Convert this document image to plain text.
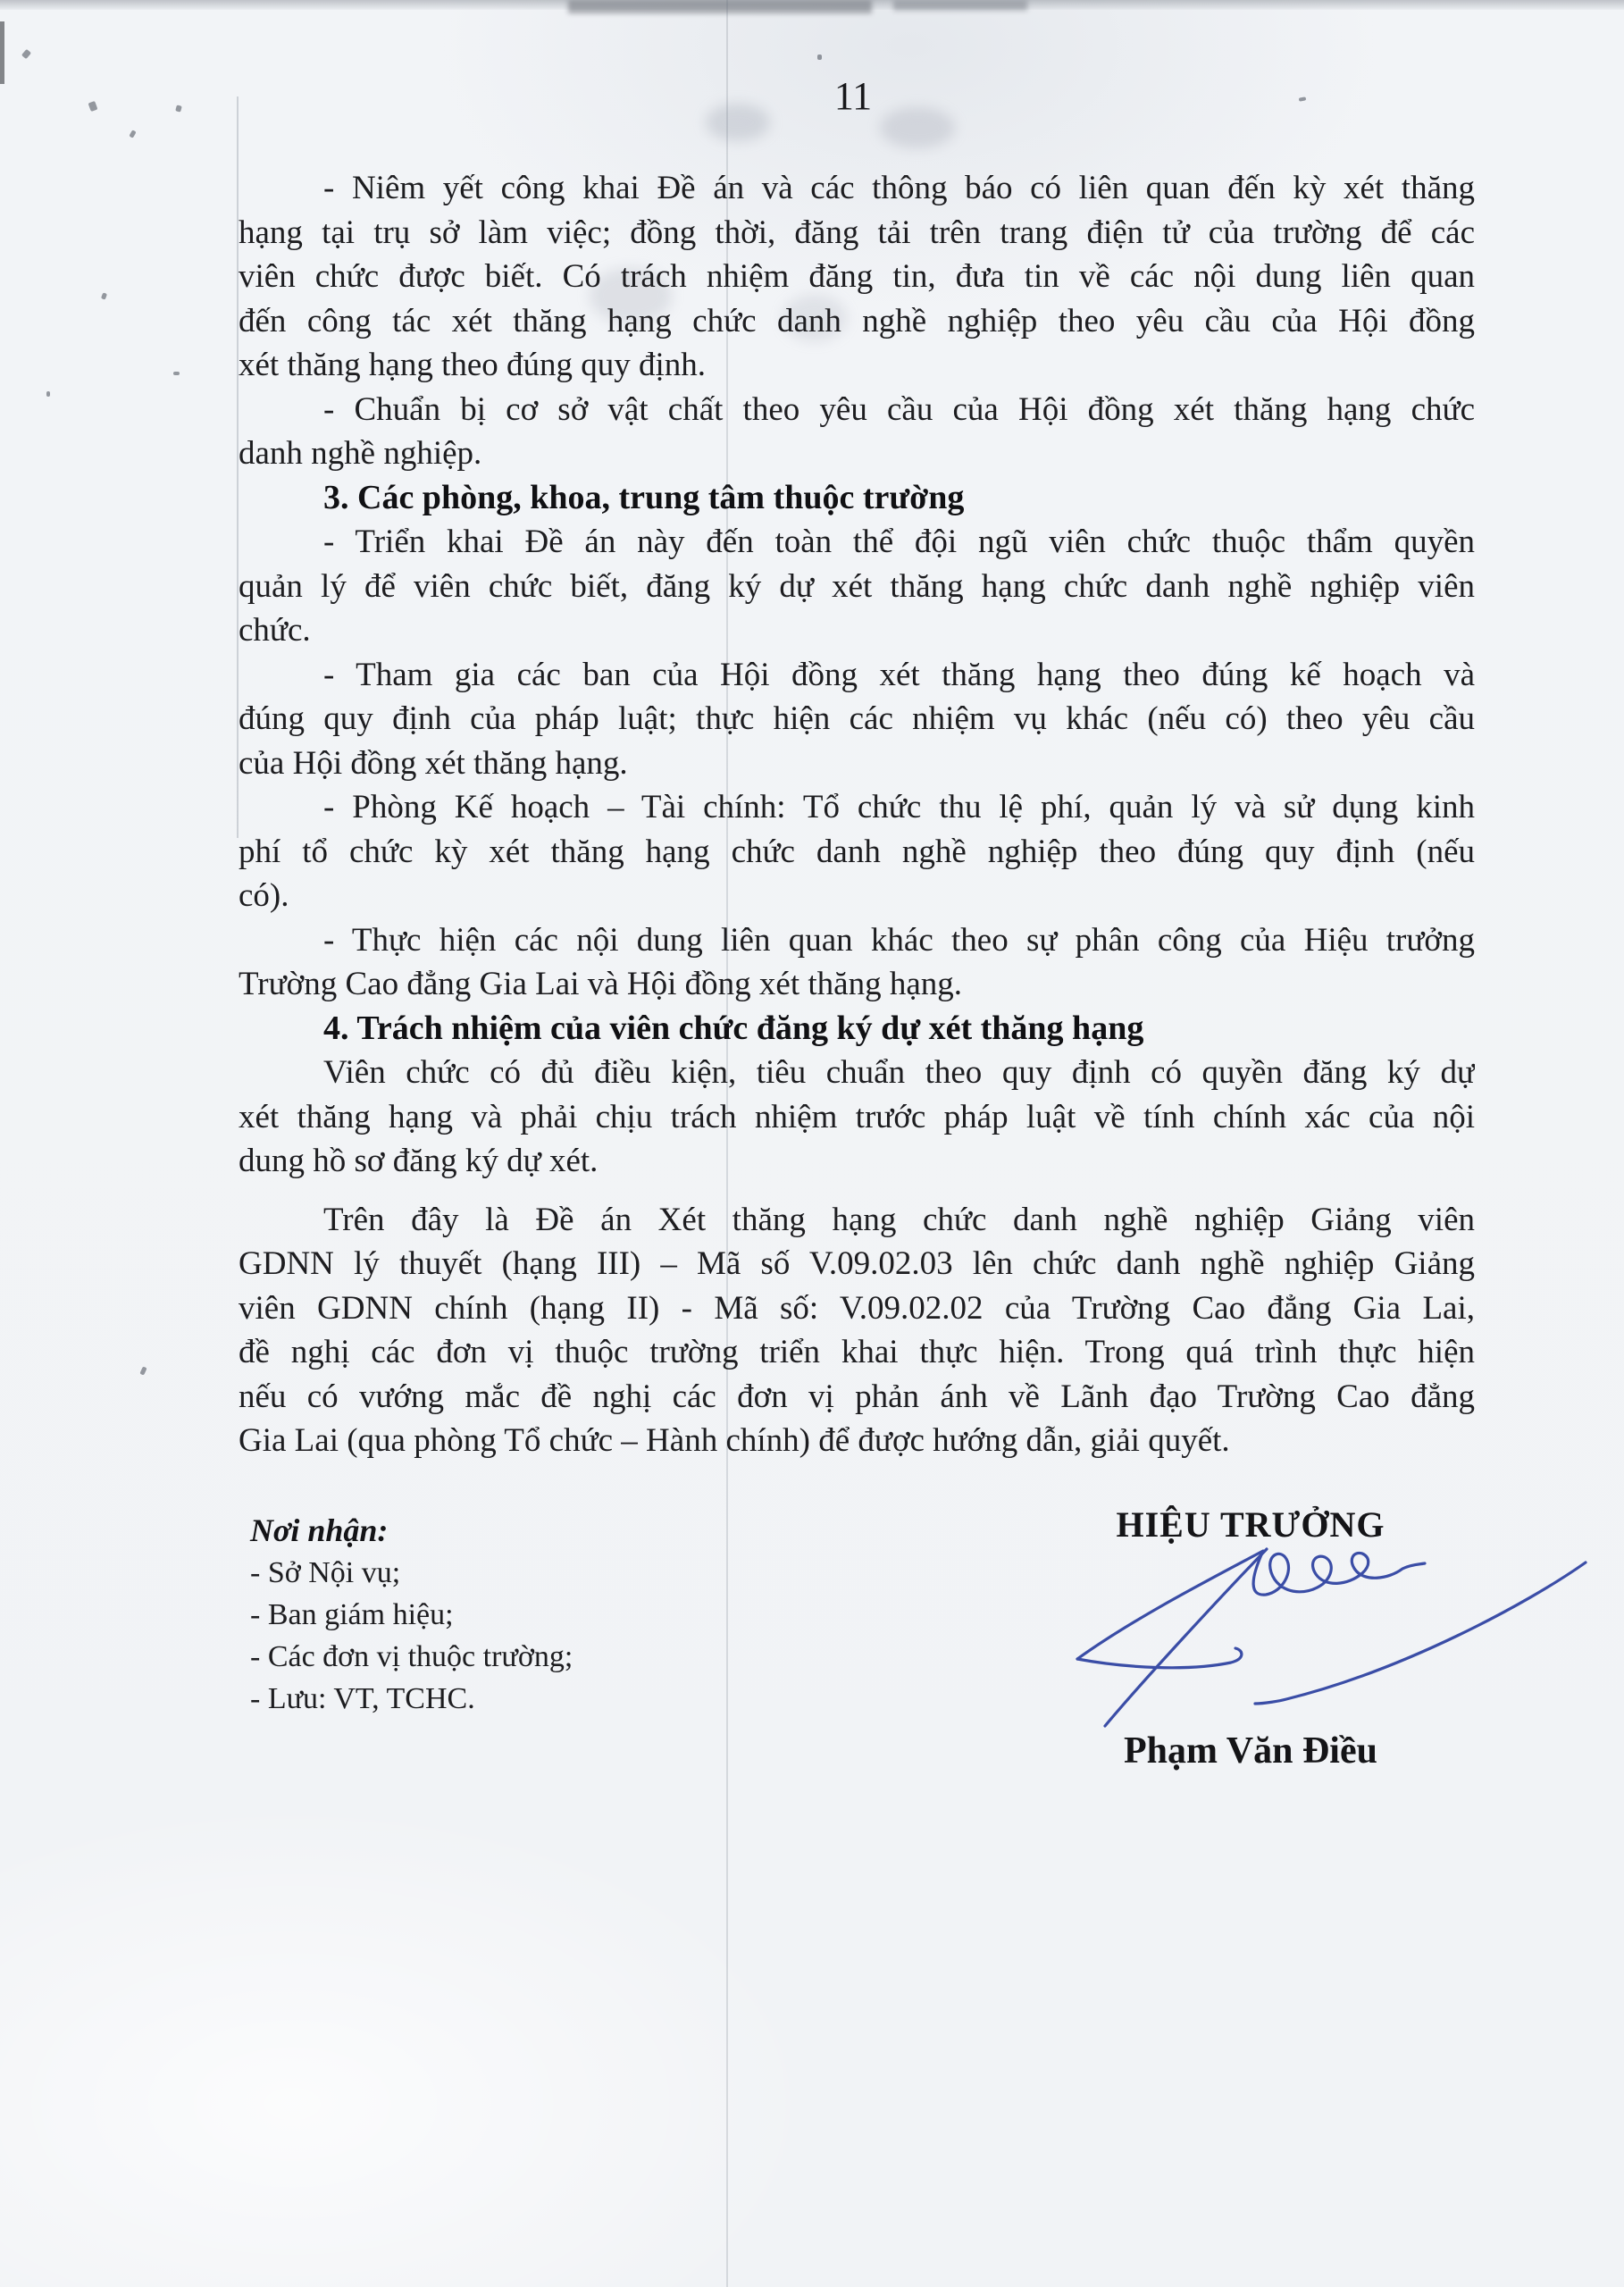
11
- Niêm yết công khai Đề án và các thông báo có liên quan đến kỳ xét thăng
hạng tại trụ sở làm việc; đồng thời, đăng tải trên trang điện tử của trường để các
viên chức được biết. Có trách nhiệm đăng tin, đưa tin về các nội dung liên quan
đến công tác xét thăng hạng chức danh nghề nghiệp theo yêu cầu của Hội đồng
xét thăng hạng theo đúng quy định.
- Chuẩn bị cơ sở vật chất theo yêu cầu của Hội đồng xét thăng hạng chức
danh nghề nghiệp.
3. Các phòng, khoa, trung tâm thuộc trường
- Triển khai Đề án này đến toàn thể đội ngũ viên chức thuộc thẩm quyền
quản lý để viên chức biết, đăng ký dự xét thăng hạng chức danh nghề nghiệp viên
chức.
- Tham gia các ban của Hội đồng xét thăng hạng theo đúng kế hoạch và
đúng quy định của pháp luật; thực hiện các nhiệm vụ khác (nếu có) theo yêu cầu
của Hội đồng xét thăng hạng.
- Phòng Kế hoạch – Tài chính: Tổ chức thu lệ phí, quản lý và sử dụng kinh
phí tổ chức kỳ xét thăng hạng chức danh nghề nghiệp theo đúng quy định (nếu
có).
- Thực hiện các nội dung liên quan khác theo sự phân công của Hiệu trưởng
Trường Cao đẳng Gia Lai và Hội đồng xét thăng hạng.
4. Trách nhiệm của viên chức đăng ký dự xét thăng hạng
Viên chức có đủ điều kiện, tiêu chuẩn theo quy định có quyền đăng ký dự
xét thăng hạng và phải chịu trách nhiệm trước pháp luật về tính chính xác của nội
dung hồ sơ đăng ký dự xét.
Trên đây là Đề án Xét thăng hạng chức danh nghề nghiệp Giảng viên
GDNN lý thuyết (hạng III) – Mã số V.09.02.03 lên chức danh nghề nghiệp Giảng
viên GDNN chính (hạng II) - Mã số: V.09.02.02 của Trường Cao đẳng Gia Lai,
đề nghị các đơn vị thuộc trường triển khai thực hiện. Trong quá trình thực hiện
nếu có vướng mắc đề nghị các đơn vị phản ánh về Lãnh đạo Trường Cao đẳng
Gia Lai (qua phòng Tổ chức – Hành chính) để được hướng dẫn, giải quyết.
Nơi nhận:
- Sở Nội vụ;
- Ban giám hiệu;
- Các đơn vị thuộc trường;
- Lưu: VT, TCHC.
HIỆU TRƯỞNG
Phạm Văn Điều
